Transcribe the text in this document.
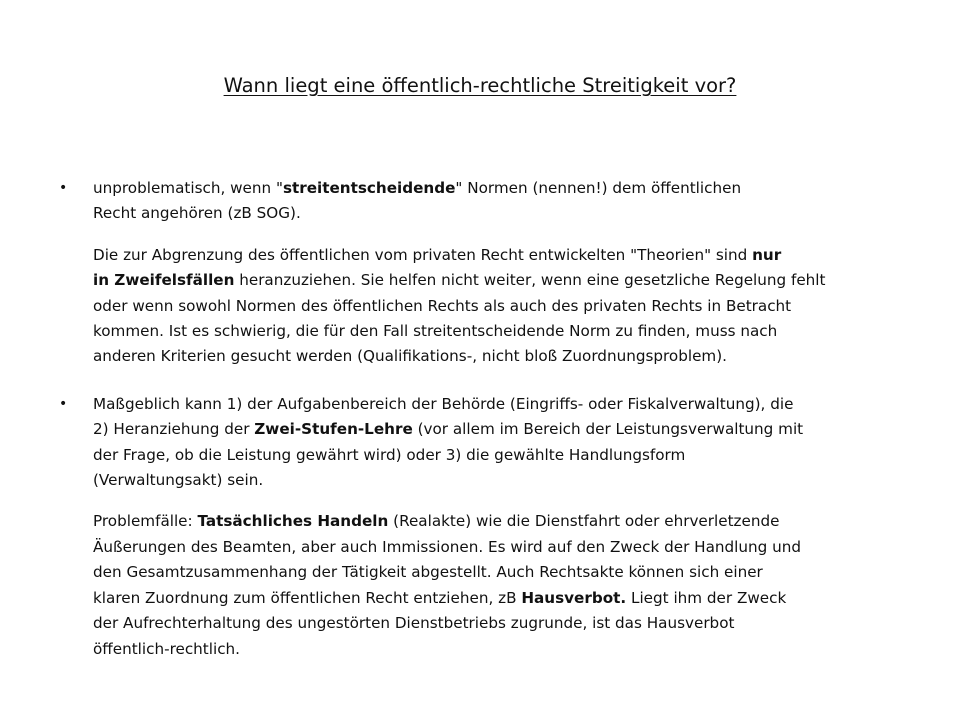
Wann liegt eine öffentlich-rechtliche Streitigkeit vor?
• unproblematisch, wenn "streitentscheidende" Normen (nennen!) dem öffentlichen
Recht angehören (zB SOG).

Die zur Abgrenzung des öffentlichen vom privaten Recht entwickelten "Theorien" sind nur
in Zweifelsfällen heranzuziehen. Sie helfen nicht weiter, wenn eine gesetzliche Regelung fehlt
oder wenn sowohl Normen des öffentlichen Rechts als auch des privaten Rechts in Betracht
kommen. Ist es schwierig, die für den Fall streitentscheidende Norm zu finden, muss nach
anderen Kriterien gesucht werden (Qualifikations-, nicht bloß Zuordnungsproblem).

• Maßgeblich kann 1) der Aufgabenbereich der Behörde (Eingriffs- oder Fiskalverwaltung), die
2) Heranziehung der Zwei-Stufen-Lehre (vor allem im Bereich der Leistungsverwaltung mit
der Frage, ob die Leistung gewährt wird) oder 3) die gewählte Handlungsform
(Verwaltungsakt) sein.

Problemfälle: Tatsächliches Handeln (Realakte) wie die Dienstfahrt oder ehrverletzende
Äußerungen des Beamten, aber auch Immissionen. Es wird auf den Zweck der Handlung und
den Gesamtzusammenhang der Tätigkeit abgestellt. Auch Rechtsakte können sich einer
klaren Zuordnung zum öffentlichen Recht entziehen, zB Hausverbot. Liegt ihm der Zweck
der Aufrechterhaltung des ungestörten Dienstbetriebs zugrunde, ist das Hausverbot
öffentlich-rechtlich.
